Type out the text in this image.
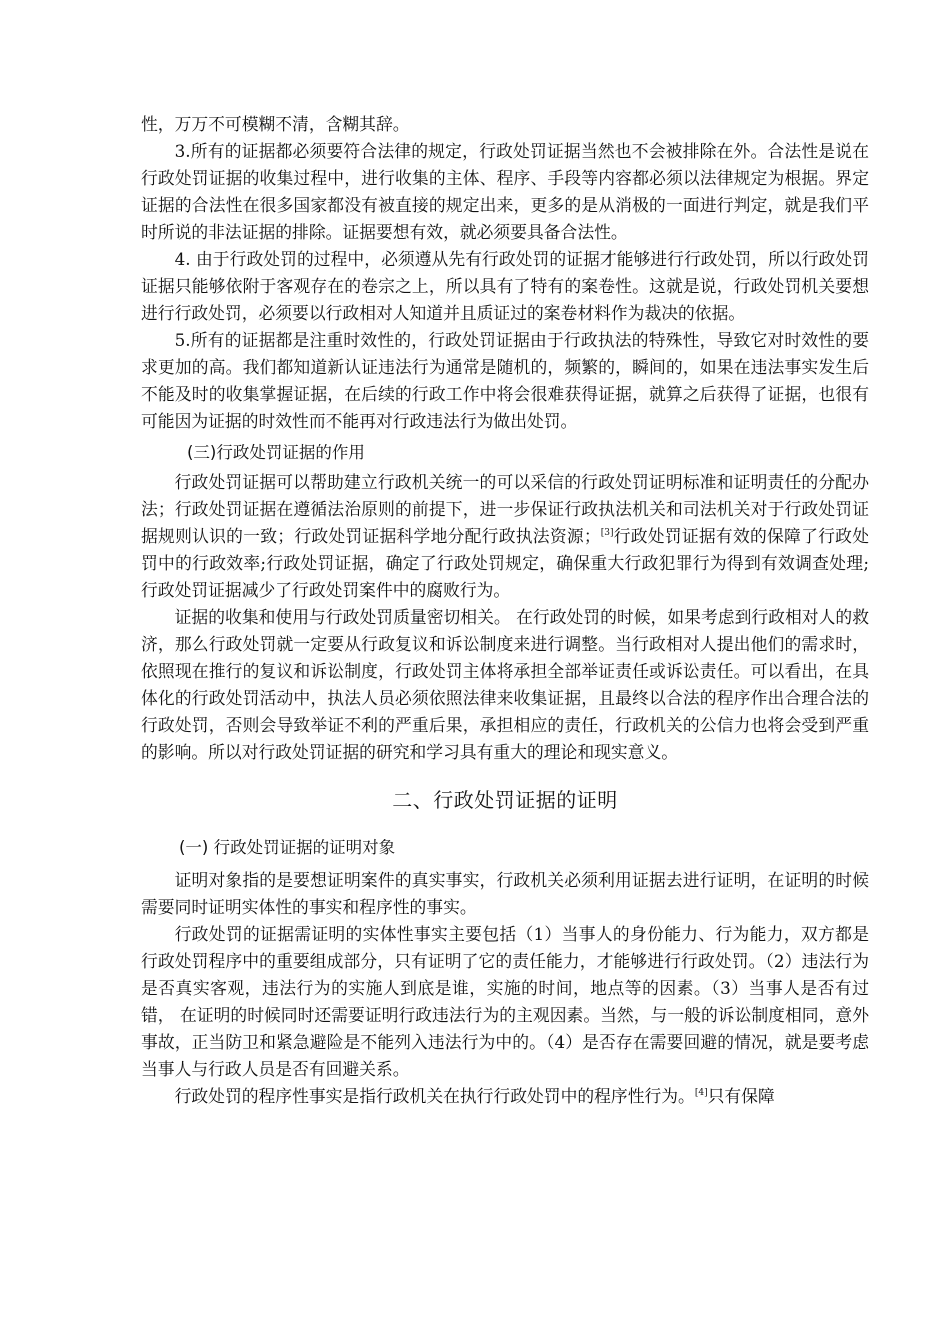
性，万万不可模糊不清，含糊其辞。

3.所有的证据都必须要符合法律的规定，行政处罚证据当然也不会被排除在外。合法性是说在行政处罚证据的收集过程中，进行收集的主体、程序、手段等内容都必须以法律规定为根据。界定证据的合法性在很多国家都没有被直接的规定出来，更多的是从消极的一面进行判定，就是我们平时所说的非法证据的排除。证据要想有效，就必须要具备合法性。

4. 由于行政处罚的过程中，必须遵从先有行政处罚的证据才能够进行行政处罚，所以行政处罚证据只能够依附于客观存在的卷宗之上，所以具有了特有的案卷性。这就是说，行政处罚机关要想进行行政处罚，必须要以行政相对人知道并且质证过的案卷材料作为裁决的依据。

5.所有的证据都是注重时效性的，行政处罚证据由于行政执法的特殊性，导致它对时效性的要求更加的高。我们都知道新认证违法行为通常是随机的，频繁的，瞬间的，如果在违法事实发生后不能及时的收集掌握证据，在后续的行政工作中将会很难获得证据，就算之后获得了证据，也很有可能因为证据的时效性而不能再对行政违法行为做出处罚。

(三)行政处罚证据的作用

行政处罚证据可以帮助建立行政机关统一的可以采信的行政处罚证明标准和证明责任的分配办法；行政处罚证据在遵循法治原则的前提下，进一步保证行政执法机关和司法机关对于行政处罚证据规则认识的一致；行政处罚证据科学地分配行政执法资源；[3]行政处罚证据有效的保障了行政处罚中的行政效率;行政处罚证据，确定了行政处罚规定，确保重大行政犯罪行为得到有效调查处理;行政处罚证据减少了行政处罚案件中的腐败行为。

证据的收集和使用与行政处罚质量密切相关。 在行政处罚的时候，如果考虑到行政相对人的救济，那么行政处罚就一定要从行政复议和诉讼制度来进行调整。当行政相对人提出他们的需求时，依照现在推行的复议和诉讼制度，行政处罚主体将承担全部举证责任或诉讼责任。可以看出，在具体化的行政处罚活动中，执法人员必须依照法律来收集证据，且最终以合法的程序作出合理合法的行政处罚，否则会导致举证不利的严重后果，承担相应的责任，行政机关的公信力也将会受到严重的影响。所以对行政处罚证据的研究和学习具有重大的理论和现实意义。

二、行政处罚证据的证明
(一) 行政处罚证据的证明对象

证明对象指的是要想证明案件的真实事实，行政机关必须利用证据去进行证明，在证明的时候需要同时证明实体性的事实和程序性的事实。

行政处罚的证据需证明的实体性事实主要包括（1）当事人的身份能力、行为能力，双方都是行政处罚程序中的重要组成部分，只有证明了它的责任能力，才能够进行行政处罚。（2）违法行为是否真实客观，违法行为的实施人到底是谁，实施的时间，地点等的因素。（3）当事人是否有过错， 在证明的时候同时还需要证明行政违法行为的主观因素。当然，与一般的诉讼制度相同，意外事故，正当防卫和紧急避险是不能列入违法行为中的。（4）是否存在需要回避的情况，就是要考虑当事人与行政人员是否有回避关系。

行政处罚的程序性事实是指行政机关在执行行政处罚中的程序性行为。[4]只有保障
